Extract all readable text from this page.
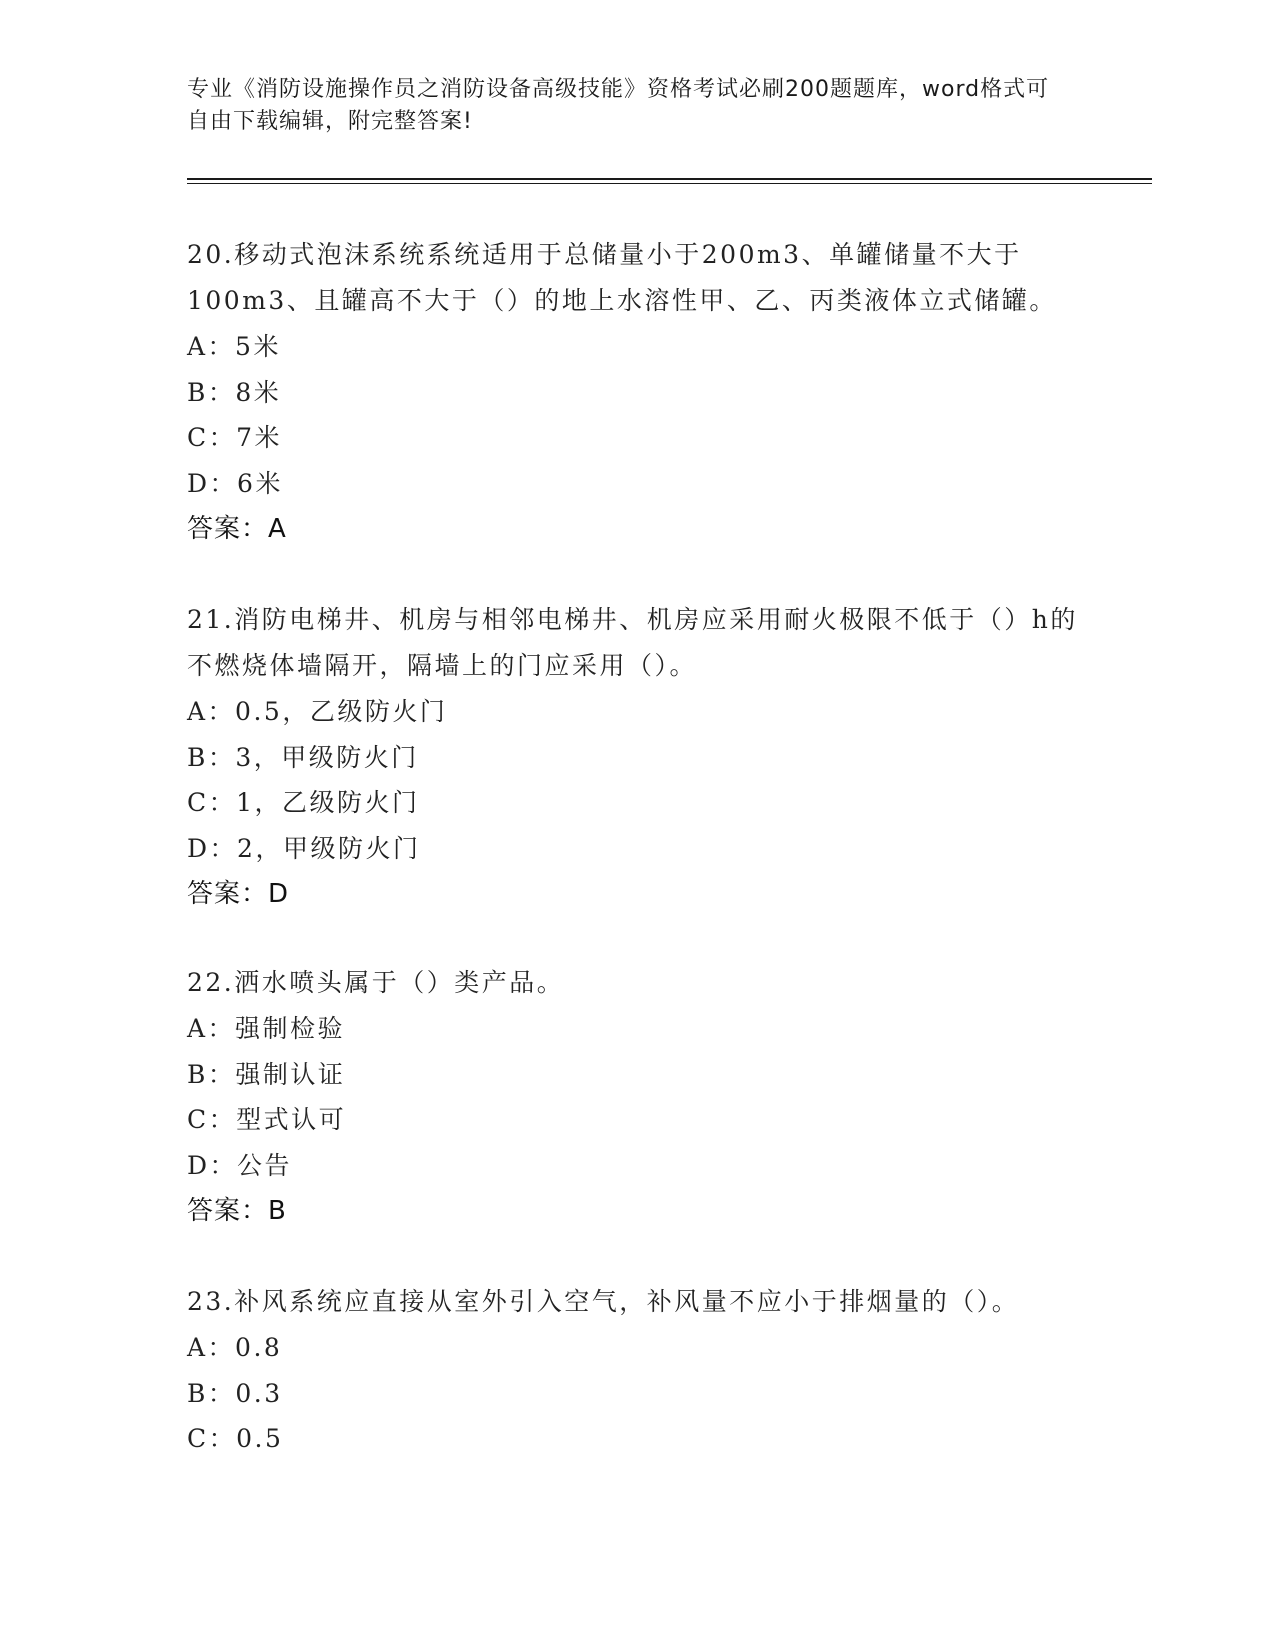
专业《消防设施操作员之消防设备高级技能》资格考试必刷200题题库，word格式可自由下载编辑，附完整答案!
20.移动式泡沫系统系统适用于总储量小于200m3、单罐储量不大于100m3、且罐高不大于（）的地上水溶性甲、乙、丙类液体立式储罐。
A：5米
B：8米
C：7米
D：6米
答案：A
21.消防电梯井、机房与相邻电梯井、机房应采用耐火极限不低于（）h的不燃烧体墙隔开，隔墙上的门应采用（）。
A：0.5，乙级防火门
B：3，甲级防火门
C：1，乙级防火门
D：2，甲级防火门
答案：D
22.洒水喷头属于（）类产品。
A：强制检验
B：强制认证
C：型式认可
D：公告
答案：B
23.补风系统应直接从室外引入空气，补风量不应小于排烟量的（）。
A：0.8
B：0.3
C：0.5
